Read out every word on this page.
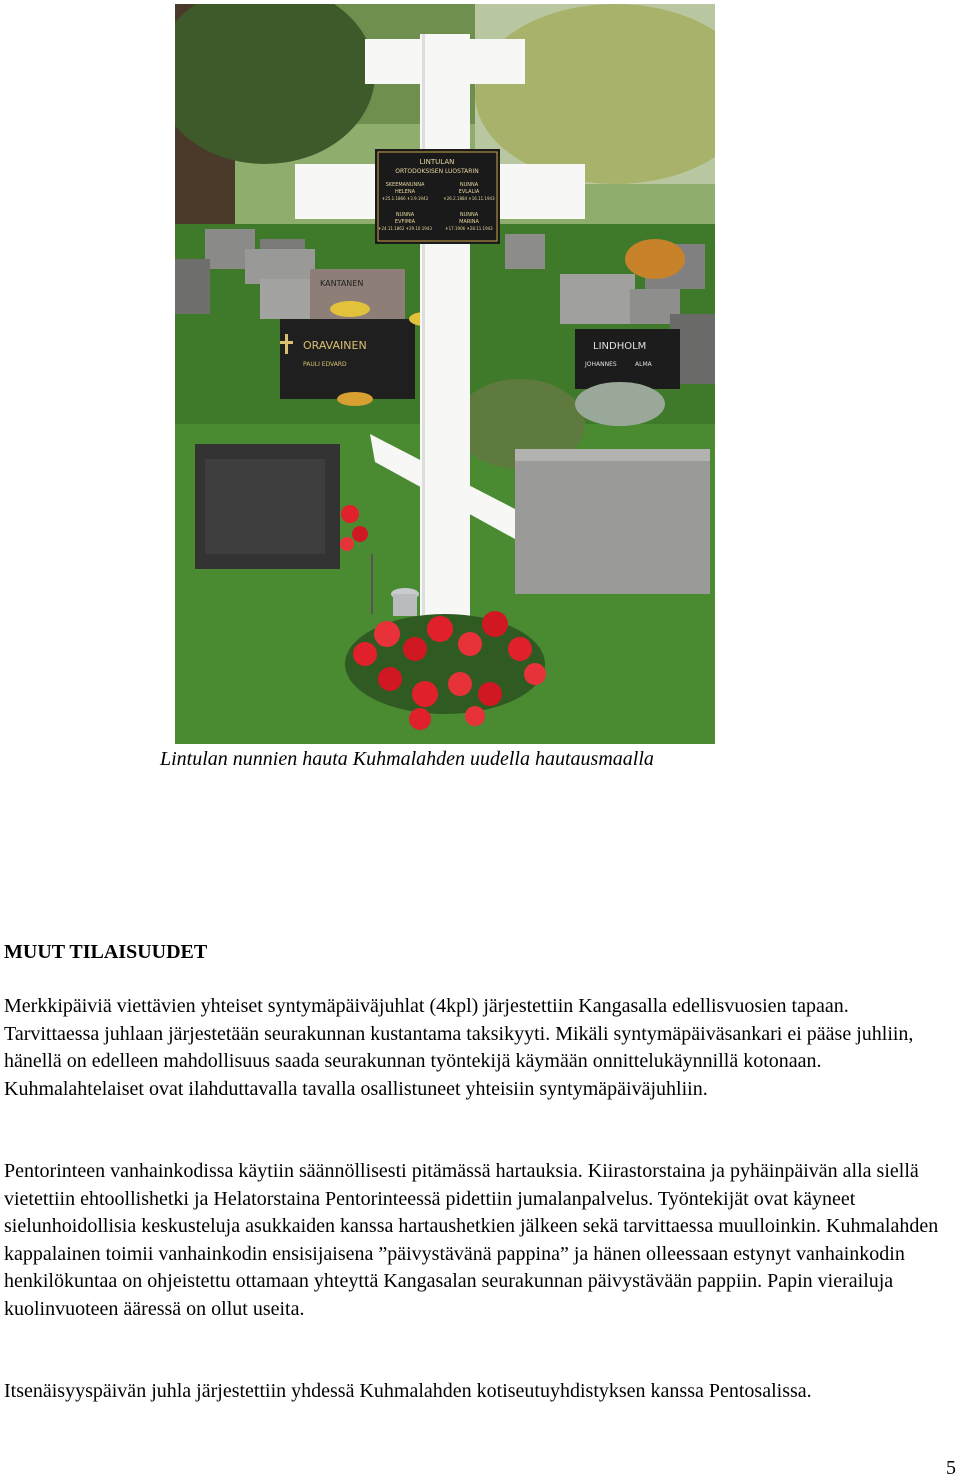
KANTANEN
ORAVAINEN
PAULI EDVARD
LINDHOLM
JOHANNES	ALMA
LINTULAN
ORTODOKSISEN LUOSTARIN
SKEEMANUNNA
HELENA
✝25.1.1866 ✝3.9.1943
NUNNA
EVLALIA
✝26.2.1884 ✝16.11.1943
NUNNA
EVFIMIA
✝24.11.1862 ✝29.10.1943
NUNNA
MARINA
✝17.1906 ✝28.11.1943
Lintulan nunnien hauta Kuhmalahden uudella hautausmaalla
MUUT TILAISUUDET

Merkkipäiviä viettävien yhteiset syntymäpäiväjuhlat (4kpl) järjestettiin Kangasalla edellisvuosien tapaan. Tarvittaessa juhlaan järjestetään seurakunnan kustantama taksikyyti. Mikäli syntymäpäiväsankari ei pääse juhliin, hänellä on edelleen mahdollisuus saada seurakunnan työntekijä käymään onnittelukäynnillä kotonaan. Kuhmalahtelaiset ovat ilahduttavalla tavalla osallistuneet yhteisiin syntymäpäiväjuhliin.

Pentorinteen vanhainkodissa käytiin säännöllisesti pitämässä hartauksia. Kiirastorstaina ja pyhäinpäivän alla siellä vietettiin ehtoollishetki ja Helatorstaina Pentorinteessä pidettiin jumalanpalvelus. Työntekijät ovat käyneet sielunhoidollisia keskusteluja asukkaiden kanssa hartaushetkien jälkeen sekä tarvittaessa muulloinkin. Kuhmalahden kappalainen toimii vanhainkodin ensisijaisena ”päivystävänä pappina” ja hänen olleessaan estynyt vanhainkodin henkilökuntaa on ohjeistettu ottamaan yhteyttä Kangasalan seurakunnan päivystävään pappiin. Papin vierailuja kuolinvuoteen ääressä on ollut useita.

Itsenäisyyspäivän juhla järjestettiin yhdessä Kuhmalahden kotiseutuyhdistyksen kanssa Pentosalissa.

5
